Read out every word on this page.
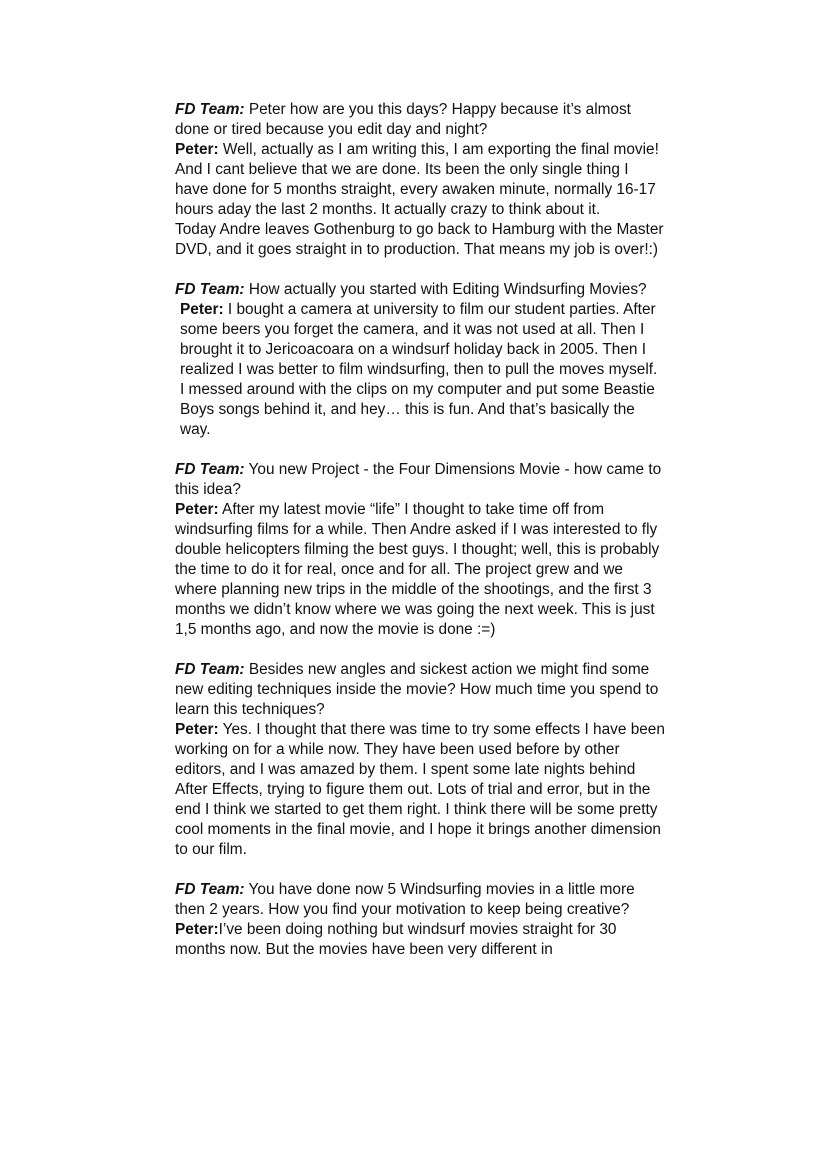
FD Team: Peter how are you this days? Happy because it’s almost done or tired because you edit day and night?

Peter: Well, actually as I am writing this, I am exporting the final movie! And I cant believe that we are done. Its been the only single thing I have done for 5 months straight, every awaken minute, normally 16-17 hours aday the last 2 months. It actually crazy to think about it.

Today Andre leaves Gothenburg to go back to Hamburg with the Master DVD, and it goes straight in to production. That means my job is over!:)

FD Team: How actually you started with Editing Windsurfing Movies?

Peter: I bought a camera at university to film our student parties. After some beers you forget the camera, and it was not used at all. Then I brought it to Jericoacoara on a windsurf holiday back in 2005. Then I realized I was better to film windsurfing, then to pull the moves myself. I messed around with the clips on my computer and put some Beastie Boys songs behind it, and hey… this is fun. And that’s basically the way.

FD Team: You new Project - the Four Dimensions Movie - how came to this idea?

Peter: After my latest movie “life” I thought to take time off from windsurfing films for a while. Then Andre asked if I was interested to fly double helicopters filming the best guys. I thought; well, this is probably the time to do it for real, once and for all. The project grew and we where planning new trips in the middle of the shootings, and the first 3 months we didn’t know where we was going the next week. This is just 1,5 months ago, and now the movie is done :=)

FD Team: Besides new angles and sickest action we might find some new editing techniques inside the movie? How much time you spend to learn this techniques?

Peter: Yes. I thought that there was time to try some effects I have been working on for a while now. They have been used before by other editors, and I was amazed by them. I spent some late nights behind After Effects, trying to figure them out. Lots of trial and error, but in the end I think we started to get them right. I think there will be some pretty cool moments in the final movie, and I hope it brings another dimension to our film.

FD Team: You have done now 5 Windsurfing movies in a little more then 2 years. How you find your motivation to keep being creative?

Peter:I’ve been doing nothing but windsurf movies straight for 30 months now. But the movies have been very different in
